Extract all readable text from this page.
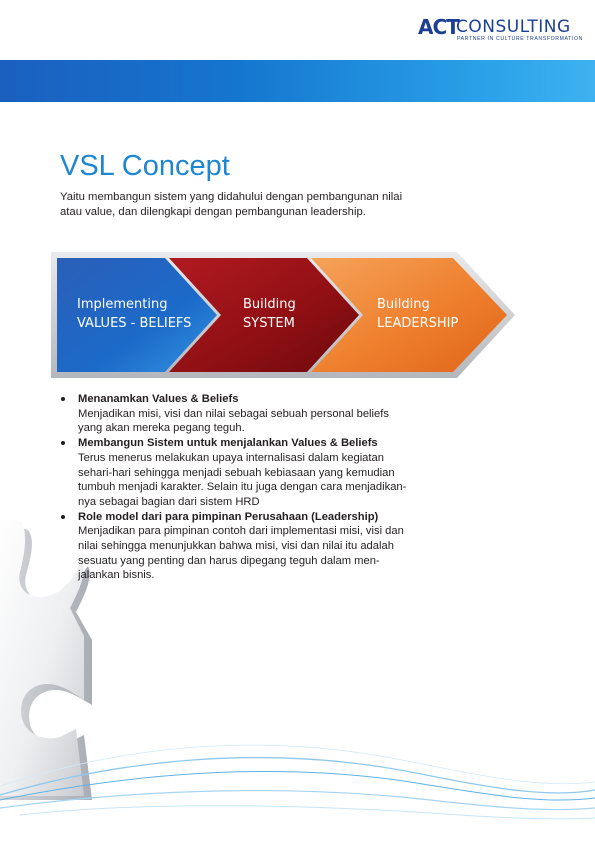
ACT
CONSULTING
PARTNER IN CULTURE TRANSFORMATION
VSL Concept
Yaitu membangun sistem yang didahului dengan pembangunan nilai
atau value, dan dilengkapi dengan pembangunan leadership.
Implementing
VALUES - BELIEFS
Building
SYSTEM
Building
LEADERSHIP
Menanamkan Values & Beliefs
Menjadikan misi, visi dan nilai sebagai sebuah personal beliefs
yang akan mereka pegang teguh.
Membangun Sistem untuk menjalankan Values & Beliefs
Terus menerus melakukan upaya internalisasi dalam kegiatan
sehari-hari sehingga menjadi sebuah kebiasaan yang kemudian
tumbuh menjadi karakter. Selain itu juga dengan cara menjadikan-
nya sebagai bagian dari sistem HRD
Role model dari para pimpinan Perusahaan (Leadership)
Menjadikan para pimpinan contoh dari implementasi misi, visi dan
nilai sehingga menunjukkan bahwa misi, visi dan nilai itu adalah
sesuatu yang penting dan harus dipegang teguh dalam men-
jalankan bisnis.
